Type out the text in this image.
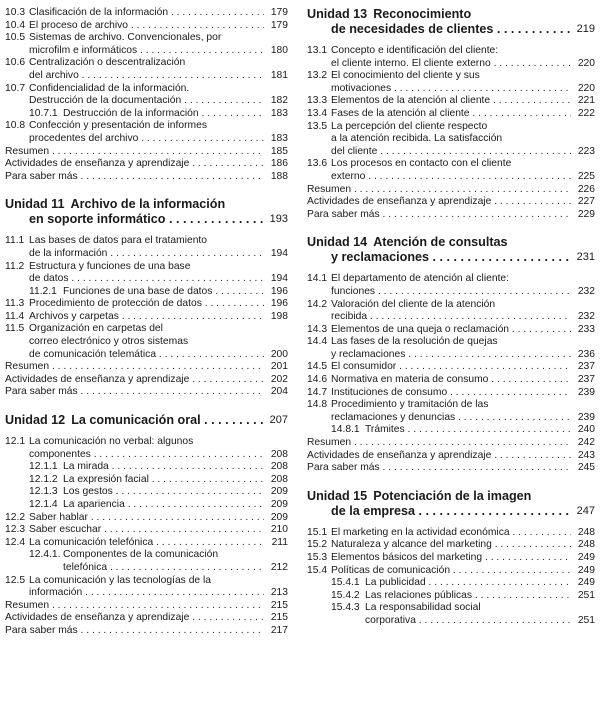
10.3 Clasificación de la información . . .	179
10.4 El proceso de archivo . . .	179
10.5 Sistemas de archivo. Convencionales, por
microfilm e informáticos . . .	180
10.6 Centralización o descentralización
del archivo . . .	181
10.7 Confidencialidad de la información.
Destrucción de la documentación . . .	182
10.7.1 Destrucción de la información . . .	183
10.8 Confección y presentación de informes
procedentes del archivo . . .	183
Resumen . . .	185
Actividades de enseñanza y aprendizaje . . .	186
Para saber más . . .	188
Unidad 11 Archivo de la información
en soporte informático . . .	193
11.1 Las bases de datos para el tratamiento
de la información . . .	194
11.2 Estructura y funciones de una base
de datos . . .	194
11.2.1 Funciones de una base de datos . . .	196
11.3 Procedimiento de protección de datos . . .	196
11.4 Archivos y carpetas . . .	198
11.5 Organización en carpetas del
correo electrónico y otros sistemas
de comunicación telemática . . .	200
Resumen . . .	201
Actividades de enseñanza y aprendizaje . . .	202
Para saber más . . .	204
Unidad 12 La comunicación oral . . .	207
12.1 La comunicación no verbal: algunos
componentes . . .	208
12.1.1 La mirada . . .	208
12.1.2 La expresión facial . . .	208
12.1.3 Los gestos . . .	209
12.1.4 La apariencia . . .	209
12.2 Saber hablar . . .	209
12.3 Saber escuchar . . .	210
12.4 La comunicación telefónica . . .	211
12.4.1. Componentes de la comunicación
telefónica . . .	212
12.5 La comunicación y las tecnologías de la
información . . .	213
Resumen . . .	215
Actividades de enseñanza y aprendizaje . . .	215
Para saber más . . .	217
Unidad 13 Reconocimiento
de necesidades de clientes . . .	219
13.1 Concepto e identificación del cliente:
el cliente interno. El cliente externo . . .	220
13.2 El conocimiento del cliente y sus
motivaciones . . .	220
13.3 Elementos de la atención al cliente . . .	221
13.4 Fases de la atención al cliente . . .	222
13.5 La percepción del cliente respecto
a la atención recibida. La satisfacción
del cliente . . .	223
13.6 Los procesos en contacto con el cliente
externo . . .	225
Resumen . . .	226
Actividades de enseñanza y aprendizaje . . .	227
Para saber más . . .	229
Unidad 14 Atención de consultas
y reclamaciones . . .	231
14.1 El departamento de atención al cliente:
funciones . . .	232
14.2 Valoración del cliente de la atención
recibida . . .	232
14.3 Elementos de una queja o reclamación . . .	233
14.4 Las fases de la resolución de quejas
y reclamaciones . . .	236
14.5 El consumidor . . .	237
14.6 Normativa en materia de consumo . . .	237
14.7 Instituciones de consumo . . .	239
14.8 Procedimiento y tramitación de las
reclamaciones y denuncias . . .	239
14.8.1 Trámites . . .	240
Resumen . . .	242
Actividades de enseñanza y aprendizaje . . .	243
Para saber más . . .	245
Unidad 15 Potenciación de la imagen
de la empresa . . .	247
15.1 El marketing en la actividad económica . . .	248
15.2 Naturaleza y alcance del marketing . . .	248
15.3 Elementos básicos del marketing . . .	249
15.4 Políticas de comunicación . . .	249
15.4.1 La publicidad . . .	249
15.4.2 Las relaciones públicas . . .	251
15.4.3 La responsabilidad social
corporativa . . .	251
